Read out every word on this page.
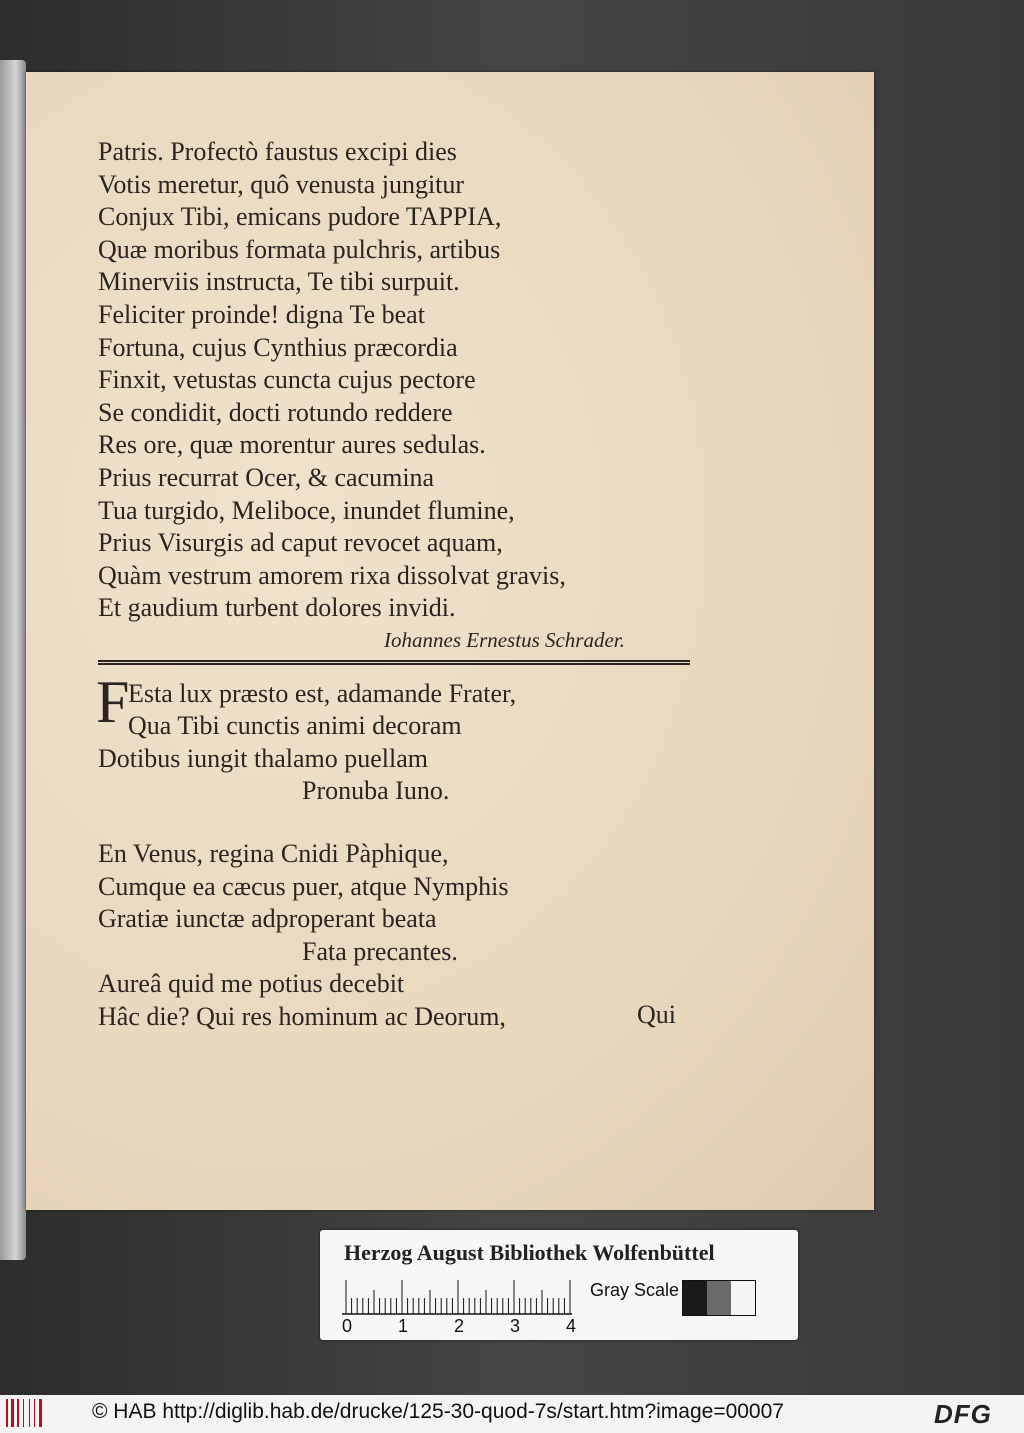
Patris. Profectò faustus excipi dies
Votis meretur, quô venusta jungitur
Conjux Tibi, emicans pudore TAPPIA,
Quæ moribus formata pulchris, artibus
Minerviis instructa, Te tibi surpuit.
Feliciter proinde! digna Te beat
Fortuna, cujus Cynthius præcordia
Finxit, vetustas cuncta cujus pectore
Se condidit, docti rotundo reddere
Res ore, quæ morentur aures sedulas.
Prius recurrat Ocer, & cacumina
Tua turgido, Meliboce, inundet flumine,
Prius Visurgis ad caput revocet aquam,
Quàm vestrum amorem rixa dissolvat gravis,
Et gaudium turbent dolores invidi.
Iohannes Ernestus Schrader.
F
Esta lux præsto est, adamande Frater,
Qua Tibi cunctis animi decoram
Dotibus iungit thalamo puellam
Pronuba Iuno.
En Venus, regina Cnidi Pàphique,
Cumque ea cæcus puer, atque Nymphis
Gratiæ iunctæ adproperant beata
Fata precantes.
Aureâ quid me potius decebit
Hâc die? Qui res hominum ac Deorum,	Qui
Herzog August Bibliothek Wolfenbüttel
0	1	2	3	4
Gray Scale
© HAB http://diglib.hab.de/drucke/125-30-quod-7s/start.htm?image=00007	DFG
